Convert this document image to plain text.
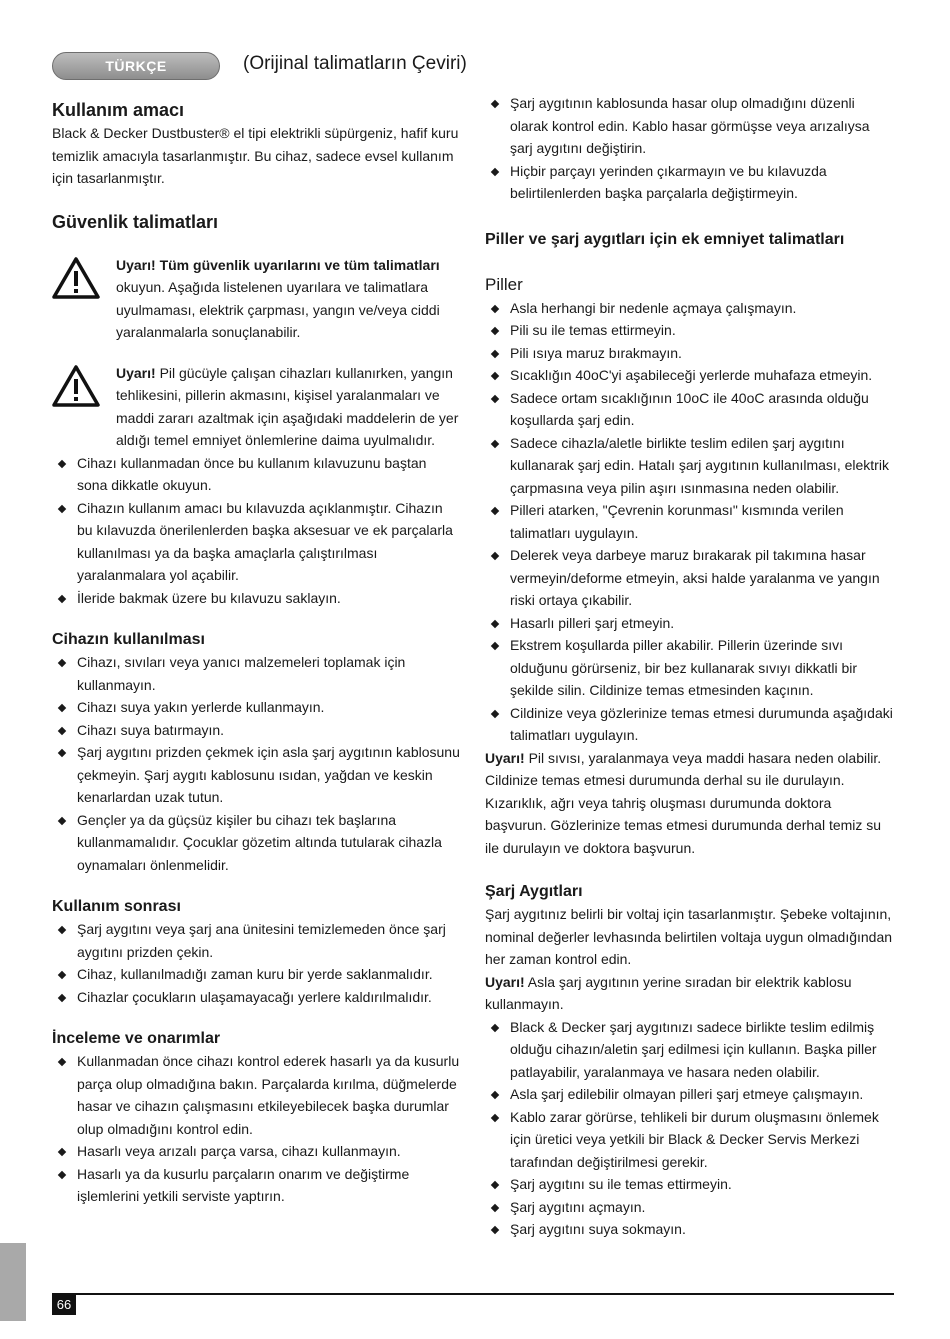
TÜRKÇE	(Orijinal talimatların Çeviri)
Kullanım amacı

Black & Decker Dustbuster® el tipi elektrikli süpürgeniz, hafif kuru temizlik amacıyla tasarlanmıştır. Bu cihaz, sadece evsel kullanım için tasarlanmıştır.

Güvenlik talimatları
Uyarı! Tüm güvenlik uyarılarını ve tüm talimatları okuyun. Aşağıda listelenen uyarılara ve talimatlara uyulmaması, elektrik çarpması, yangın ve/veya ciddi yaralanmalarla sonuçlanabilir.
Uyarı! Pil gücüyle çalışan cihazları kullanırken, yangın tehlikesini, pillerin akmasını, kişisel yaralanmaları ve maddi zararı azaltmak için aşağıdaki maddelerin de yer aldığı temel emniyet önlemlerine daima uyulmalıdır.
Cihazı kullanmadan önce bu kullanım kılavuzunu baştan sona dikkatle okuyun.
Cihazın kullanım amacı bu kılavuzda açıklanmıştır. Cihazın bu kılavuzda önerilenlerden başka aksesuar ve ek parçalarla kullanılması ya da başka amaçlarla çalıştırılması yaralanmalara yol açabilir.
İleride bakmak üzere bu kılavuzu saklayın.
Cihazın kullanılması
Cihazı, sıvıları veya yanıcı malzemeleri toplamak için kullanmayın.
Cihazı suya yakın yerlerde kullanmayın.
Cihazı suya batırmayın.
Şarj aygıtını prizden çekmek için asla şarj aygıtının kablosunu çekmeyin. Şarj aygıtı kablosunu ısıdan, yağdan ve keskin kenarlardan uzak tutun.
Gençler ya da güçsüz kişiler bu cihazı tek başlarına kullanmamalıdır. Çocuklar gözetim altında tutularak cihazla oynamaları önlenmelidir.
Kullanım sonrası
Şarj aygıtını veya şarj ana ünitesini temizlemeden önce şarj aygıtını prizden çekin.
Cihaz, kullanılmadığı zaman kuru bir yerde saklanmalıdır.
Cihazlar çocukların ulaşamayacağı yerlere kaldırılmalıdır.
İnceleme ve onarımlar
Kullanmadan önce cihazı kontrol ederek hasarlı ya da kusurlu parça olup olmadığına bakın. Parçalarda kırılma, düğmelerde hasar ve cihazın çalışmasını etkileyebilecek başka durumlar olup olmadığını kontrol edin.
Hasarlı veya arızalı parça varsa, cihazı kullanmayın.
Hasarlı ya da kusurlu parçaların onarım ve değiştirme işlemlerini yetkili serviste yaptırın.
Şarj aygıtının kablosunda hasar olup olmadığını düzenli olarak kontrol edin. Kablo hasar görmüşse veya arızalıysa şarj aygıtını değiştirin.
Hiçbir parçayı yerinden çıkarmayın ve bu kılavuzda belirtilenlerden başka parçalarla değiştirmeyin.
Piller ve şarj aygıtları için ek emniyet talimatları
Piller
Asla herhangi bir nedenle açmaya çalışmayın.
Pili su ile temas ettirmeyin.
Pili ısıya maruz bırakmayın.
Sıcaklığın 40oC'yi aşabileceği yerlerde muhafaza etmeyin.
Sadece ortam sıcaklığının 10oC ile 40oC arasında olduğu koşullarda şarj edin.
Sadece cihazla/aletle birlikte teslim edilen şarj aygıtını kullanarak şarj edin. Hatalı şarj aygıtının kullanılması, elektrik çarpmasına veya pilin aşırı ısınmasına neden olabilir.
Pilleri atarken, "Çevrenin korunması" kısmında verilen talimatları uygulayın.
Delerek veya darbeye maruz bırakarak pil takımına hasar vermeyin/deforme etmeyin, aksi halde yaralanma ve yangın riski ortaya çıkabilir.
Hasarlı pilleri şarj etmeyin.
Ekstrem koşullarda piller akabilir. Pillerin üzerinde sıvı olduğunu görürseniz, bir bez kullanarak sıvıyı dikkatli bir şekilde silin. Cildinize temas etmesinden kaçının.
Cildinize veya gözlerinize temas etmesi durumunda aşağıdaki talimatları uygulayın.

Uyarı! Pil sıvısı, yaralanmaya veya maddi hasara neden olabilir. Cildinize temas etmesi durumunda derhal su ile durulayın. Kızarıklık, ağrı veya tahriş oluşması durumunda doktora başvurun. Gözlerinize temas etmesi durumunda derhal temiz su ile durulayın ve doktora başvurun.

Şarj Aygıtları

Şarj aygıtınız belirli bir voltaj için tasarlanmıştır. Şebeke voltajının, nominal değerler levhasında belirtilen voltaja uygun olmadığından her zaman kontrol edin.

Uyarı! Asla şarj aygıtının yerine sıradan bir elektrik kablosu kullanmayın.

Black & Decker şarj aygıtınızı sadece birlikte teslim edilmiş olduğu cihazın/aletin şarj edilmesi için kullanın. Başka piller patlayabilir, yaralanmaya ve hasara neden olabilir.
Asla şarj edilebilir olmayan pilleri şarj etmeye çalışmayın.
Kablo zarar görürse, tehlikeli bir durum oluşmasını önlemek için üretici veya yetkili bir Black & Decker Servis Merkezi tarafından değiştirilmesi gerekir.
Şarj aygıtını su ile temas ettirmeyin.
Şarj aygıtını açmayın.
Şarj aygıtını suya sokmayın.
66
